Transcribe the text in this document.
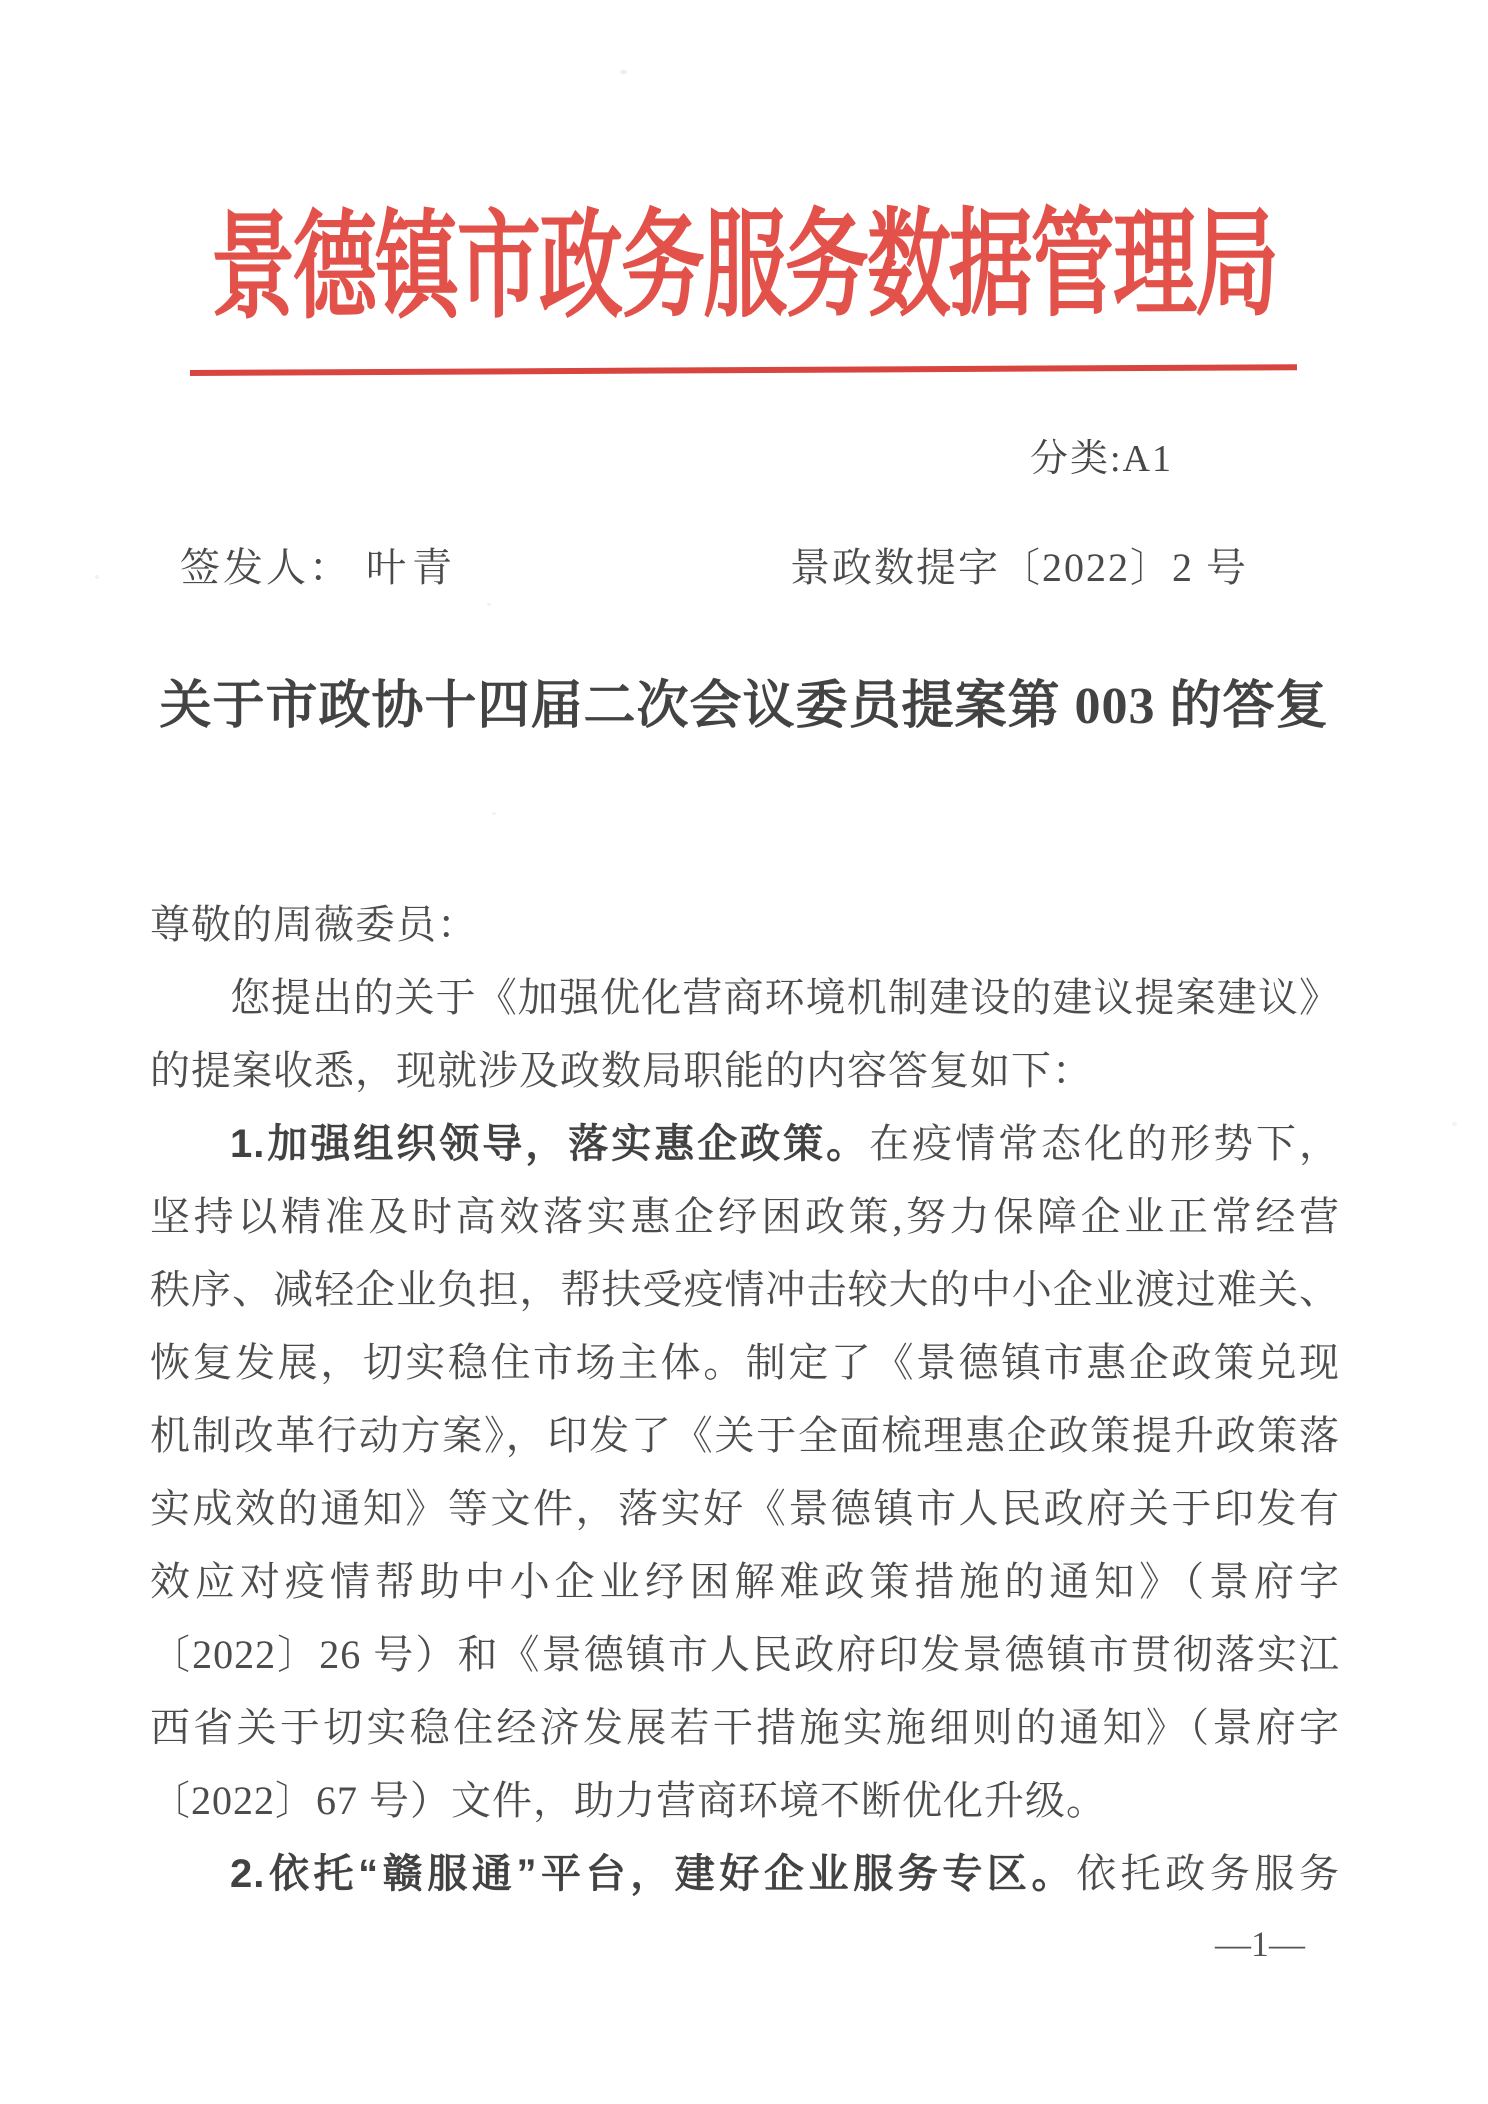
景德镇市政务服务数据管理局
分类:A1
签发人： 叶青	景政数提字〔2022〕2 号
关于市政协十四届二次会议委员提案第 003 的答复
尊敬的周薇委员：
您提出的关于《加强优化营商环境机制建设的建议提案建议》
的提案收悉，现就涉及政数局职能的内容答复如下：
1.加强组织领导，落实惠企政策。在疫情常态化的形势下，
坚持以精准及时高效落实惠企纾困政策,努力保障企业正常经营
秩序、减轻企业负担，帮扶受疫情冲击较大的中小企业渡过难关、
恢复发展，切实稳住市场主体。制定了《景德镇市惠企政策兑现
机制改革行动方案》，印发了《关于全面梳理惠企政策提升政策落
实成效的通知》等文件，落实好《景德镇市人民政府关于印发有
效应对疫情帮助中小企业纾困解难政策措施的通知》（景府字
〔2022〕26 号）和《景德镇市人民政府印发景德镇市贯彻落实江
西省关于切实稳住经济发展若干措施实施细则的通知》（景府字
〔2022〕67 号）文件，助力营商环境不断优化升级。
2.依托“赣服通”平台，建好企业服务专区。依托政务服务
—1—
